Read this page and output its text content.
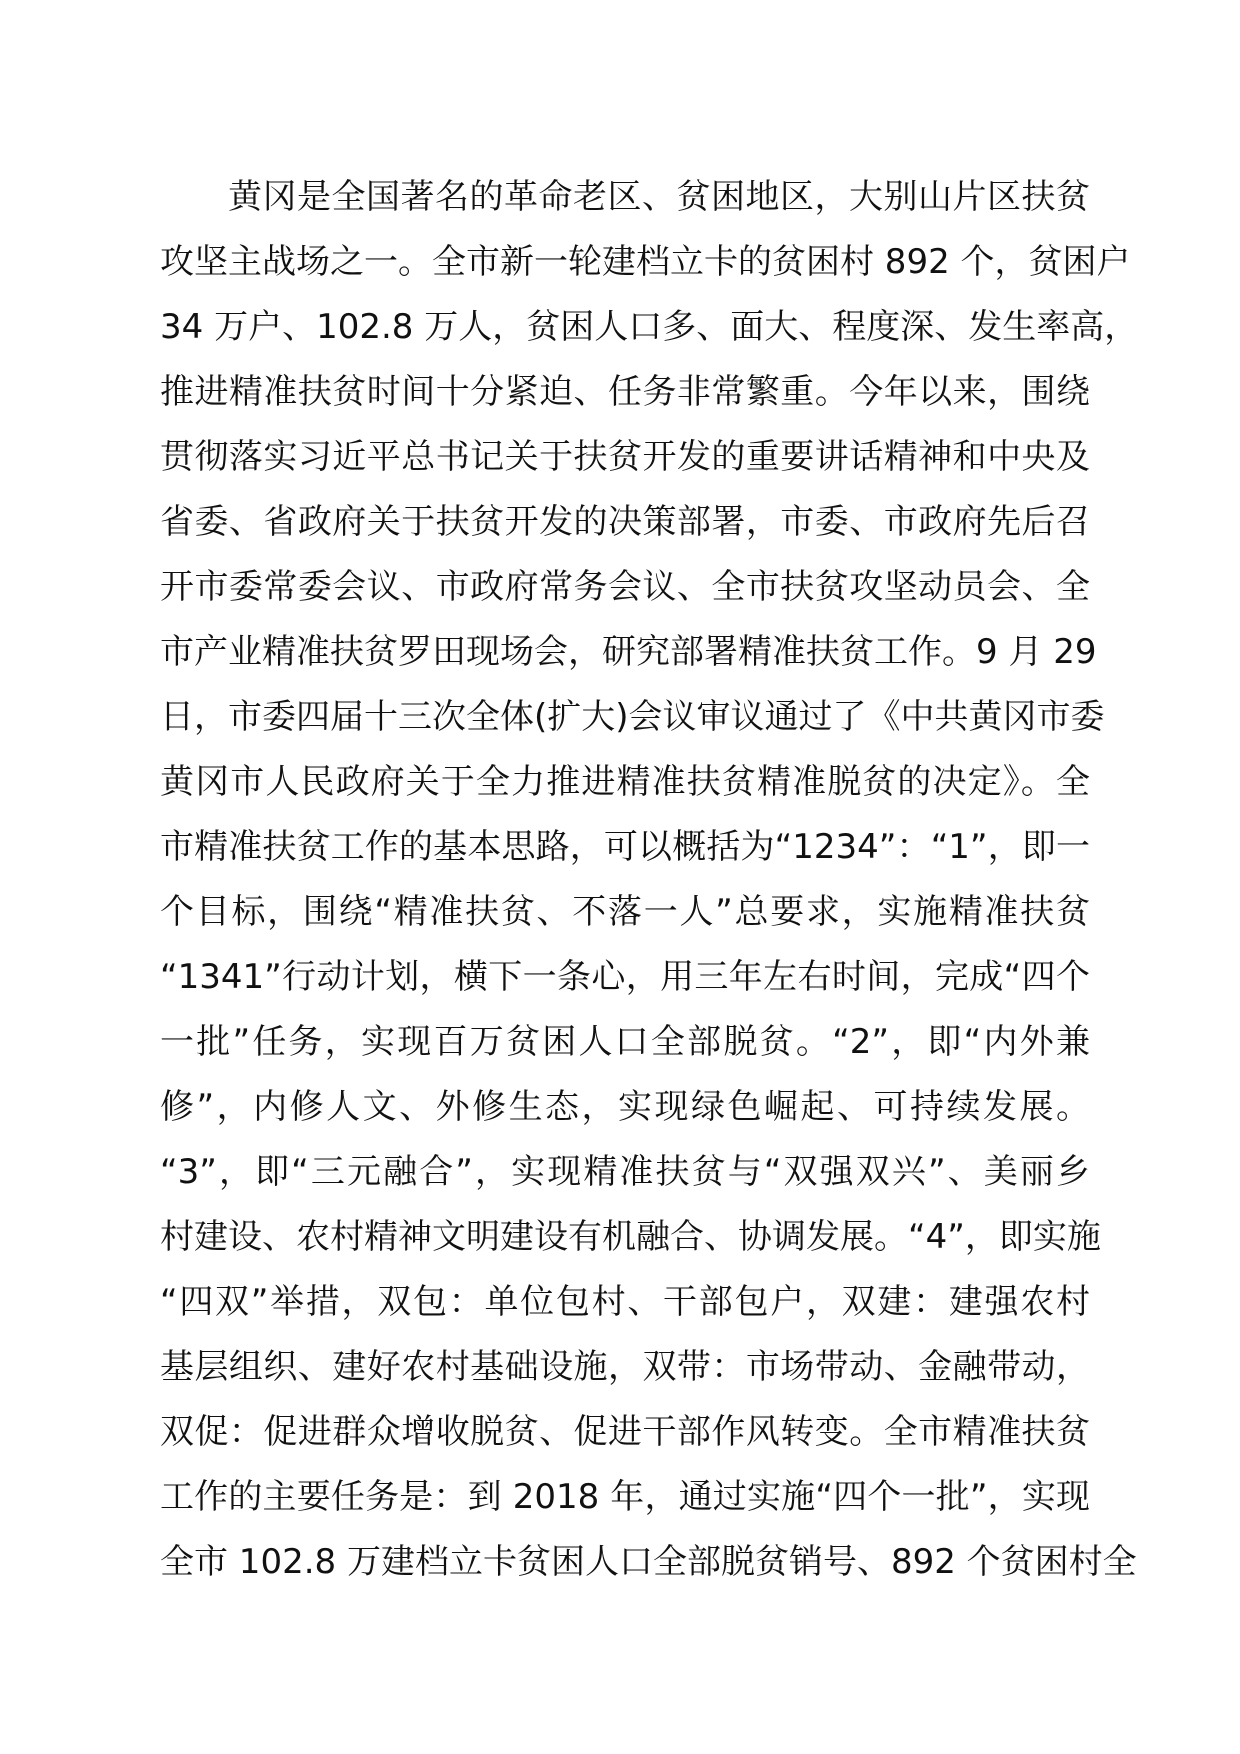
黄冈是全国著名的革命老区、贫困地区，大别山片区扶贫
攻坚主战场之一。全市新一轮建档立卡的贫困村 892 个，贫困户
34 万户、102.8 万人，贫困人口多、面大、程度深、发生率高，
推进精准扶贫时间十分紧迫、任务非常繁重。今年以来，围绕
贯彻落实习近平总书记关于扶贫开发的重要讲话精神和中央及
省委、省政府关于扶贫开发的决策部署，市委、市政府先后召
开市委常委会议、市政府常务会议、全市扶贫攻坚动员会、全
市产业精准扶贫罗田现场会，研究部署精准扶贫工作。9 月 29
日，市委四届十三次全体(扩大)会议审议通过了《中共黄冈市委
黄冈市人民政府关于全力推进精准扶贫精准脱贫的决定》。全
市精准扶贫工作的基本思路，可以概括为“1234”：“1”，即一
个目标，围绕“精准扶贫、不落一人”总要求，实施精准扶贫
“1341”行动计划，横下一条心，用三年左右时间，完成“四个
一批”任务，实现百万贫困人口全部脱贫。“2”，即“内外兼
修”，内修人文、外修生态，实现绿色崛起、可持续发展。
“3”，即“三元融合”，实现精准扶贫与“双强双兴”、美丽乡
村建设、农村精神文明建设有机融合、协调发展。“4”，即实施
“四双”举措，双包：单位包村、干部包户，双建：建强农村
基层组织、建好农村基础设施，双带：市场带动、金融带动，
双促：促进群众增收脱贫、促进干部作风转变。全市精准扶贫
工作的主要任务是：到 2018 年，通过实施“四个一批”，实现
全市 102.8 万建档立卡贫困人口全部脱贫销号、892 个贫困村全
